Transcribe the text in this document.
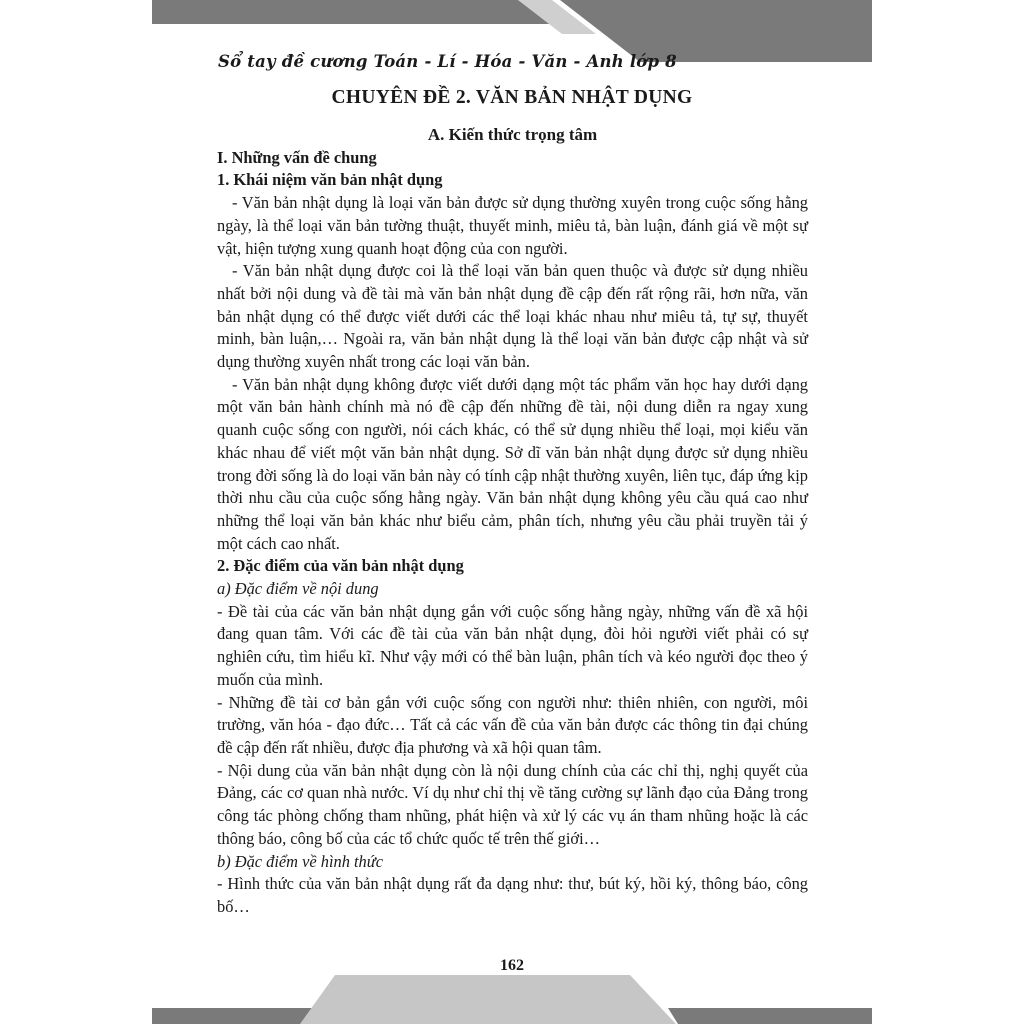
Sổ tay đề cương Toán - Lí - Hóa - Văn - Anh lớp 8
CHUYÊN ĐỀ 2. VĂN BẢN NHẬT DỤNG

A. Kiến thức trọng tâm

I. Những vấn đề chung

1. Khái niệm văn bản nhật dụng

- Văn bản nhật dụng là loại văn bản được sử dụng thường xuyên trong cuộc sống hằng ngày, là thể loại văn bản tường thuật, thuyết minh, miêu tả, bàn luận, đánh giá về một sự vật, hiện tượng xung quanh hoạt động của con người.

- Văn bản nhật dụng được coi là thể loại văn bản quen thuộc và được sử dụng nhiều nhất bởi nội dung và đề tài mà văn bản nhật dụng đề cập đến rất rộng rãi, hơn nữa, văn bản nhật dụng có thể được viết dưới các thể loại khác nhau như miêu tả, tự sự, thuyết minh, bàn luận,… Ngoài ra, văn bản nhật dụng là thể loại văn bản được cập nhật và sử dụng thường xuyên nhất trong các loại văn bản.

- Văn bản nhật dụng không được viết dưới dạng một tác phẩm văn học hay dưới dạng một văn bản hành chính mà nó đề cập đến những đề tài, nội dung diễn ra ngay xung quanh cuộc sống con người, nói cách khác, có thể sử dụng nhiều thể loại, mọi kiểu văn khác nhau để viết một văn bản nhật dụng. Sở dĩ văn bản nhật dụng được sử dụng nhiều trong đời sống là do loại văn bản này có tính cập nhật thường xuyên, liên tục, đáp ứng kịp thời nhu cầu của cuộc sống hằng ngày. Văn bản nhật dụng không yêu cầu quá cao như những thể loại văn bản khác như biểu cảm, phân tích, nhưng yêu cầu phải truyền tải ý một cách cao nhất.

2. Đặc điểm của văn bản nhật dụng

a) Đặc điểm về nội dung

- Đề tài của các văn bản nhật dụng gắn với cuộc sống hằng ngày, những vấn đề xã hội đang quan tâm. Với các đề tài của văn bản nhật dụng, đòi hỏi người viết phải có sự nghiên cứu, tìm hiểu kĩ. Như vậy mới có thể bàn luận, phân tích và kéo người đọc theo ý muốn của mình.

- Những đề tài cơ bản gắn với cuộc sống con người như: thiên nhiên, con người, môi trường, văn hóa - đạo đức… Tất cả các vấn đề của văn bản được các thông tin đại chúng đề cập đến rất nhiều, được địa phương và xã hội quan tâm.

- Nội dung của văn bản nhật dụng còn là nội dung chính của các chỉ thị, nghị quyết của Đảng, các cơ quan nhà nước. Ví dụ như chỉ thị về tăng cường sự lãnh đạo của Đảng trong công tác phòng chống tham nhũng, phát hiện và xử lý các vụ án tham nhũng hoặc là các thông báo, công bố của các tổ chức quốc tế trên thế giới…

b) Đặc điểm về hình thức

- Hình thức của văn bản nhật dụng rất đa dạng như: thư, bút ký, hồi ký, thông báo, công bố…

162
